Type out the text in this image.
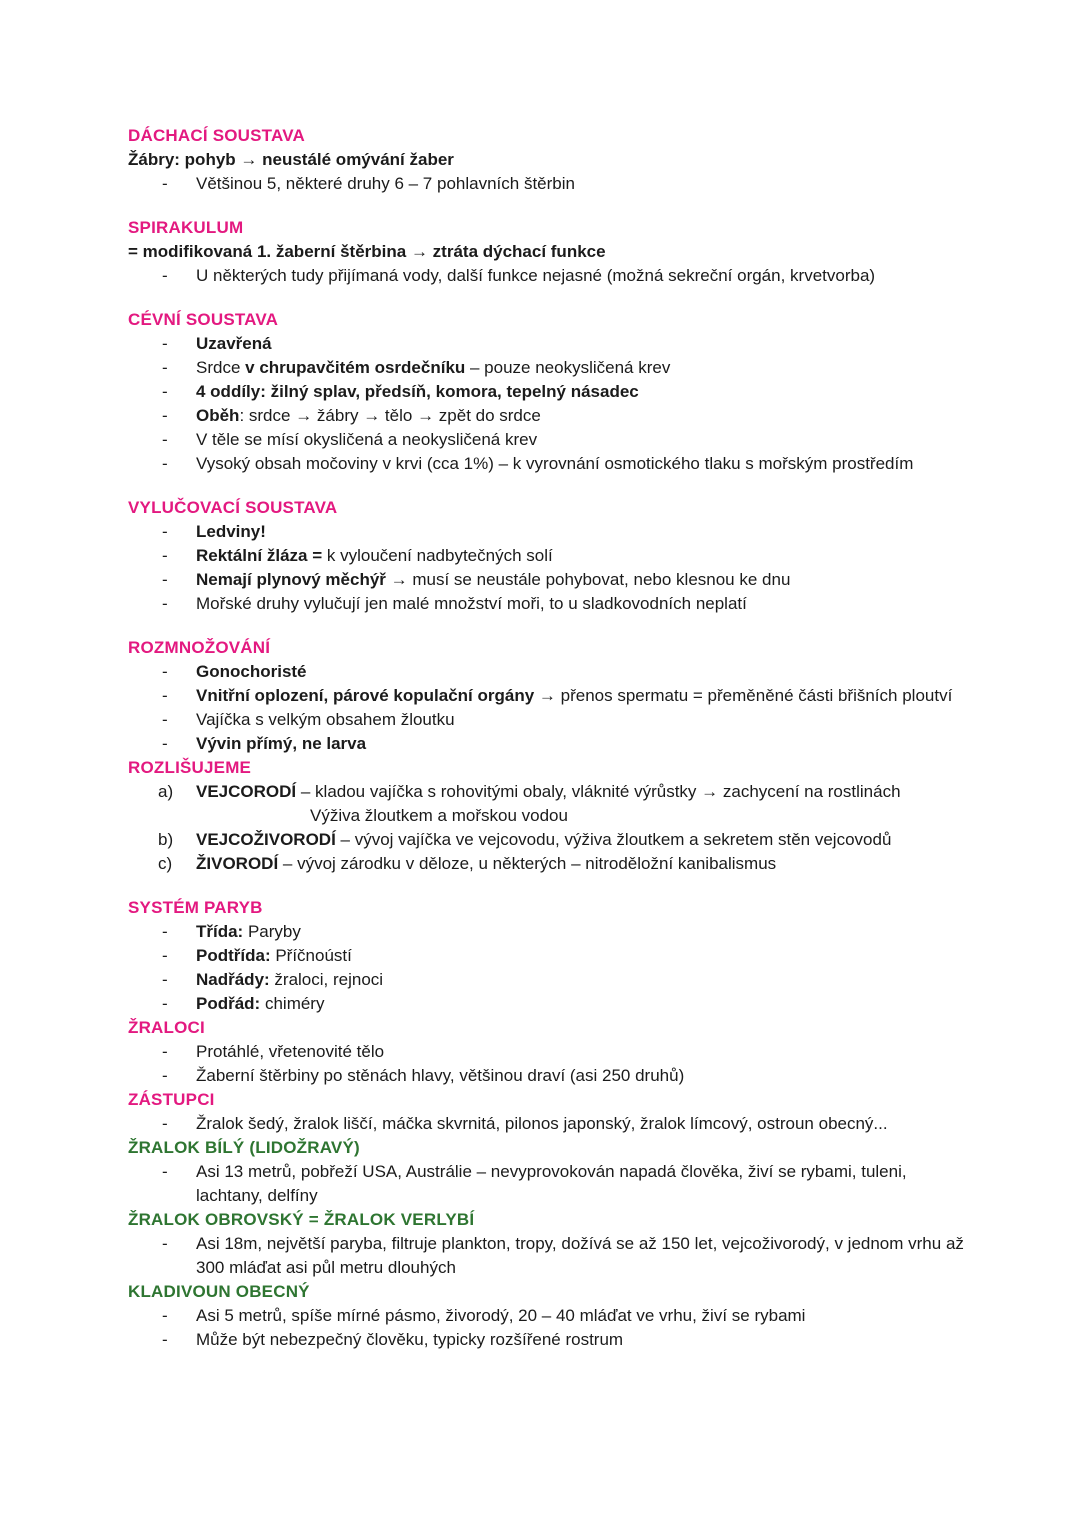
DÁCHACÍ SOUSTAVA
Žábry: pohyb → neustálé omývání žaber
-	Většinou 5, některé druhy 6 – 7 pohlavních štěrbin
SPIRAKULUM
= modifikovaná 1. žaberní štěrbina → ztráta dýchací funkce
-	U některých tudy přijímaná vody, další funkce nejasné (možná sekreční orgán, krvetvorba)
CÉVNÍ SOUSTAVA
-	Uzavřená
-	Srdce v chrupavčitém osrdečníku – pouze neokysličená krev
-	4 oddíly: žilný splav, předsíň, komora, tepelný násadec
-	Oběh: srdce → žábry → tělo → zpět do srdce
-	V těle se mísí okysličená a neokysličená krev
-	Vysoký obsah močoviny v krvi (cca 1%) – k vyrovnání osmotického tlaku s mořským prostředím
VYLUČOVACÍ SOUSTAVA
-	Ledviny!
-	Rektální žláza = k vyloučení nadbytečných solí
-	Nemají plynový měchýř → musí se neustále pohybovat, nebo klesnou ke dnu
-	Mořské druhy vylučují jen malé množství moři, to u sladkovodních neplatí
ROZMNOŽOVÁNÍ
-	Gonochoristé
-	Vnitřní oplození, párové kopulační orgány → přenos spermatu = přeměněné části břišních ploutví
-	Vajíčka s velkým obsahem žloutku
-	Vývin přímý, ne larva
ROZLIŠUJEME
a)	VEJCORODÍ – kladou vajíčka s rohovitými obaly, vláknité výrůstky → zachycení na rostlinách
Výživa žloutkem a mořskou vodou
b)	VEJCOŽIVORODÍ – vývoj vajíčka ve vejcovodu, výživa žloutkem a sekretem stěn vejcovodů
c)	ŽIVORODÍ – vývoj zárodku v děloze, u některých – nitroděložní kanibalismus
SYSTÉM PARYB
-	Třída: Paryby
-	Podtřída: Příčnoústí
-	Nadřády: žraloci, rejnoci
-	Podřád: chiméry
ŽRALOCI
-	Protáhlé, vřetenovité tělo
-	Žaberní štěrbiny po stěnách hlavy, většinou draví (asi 250 druhů)
ZÁSTUPCI
-	Žralok šedý, žralok liščí, máčka skvrnitá, pilonos japonský, žralok límcový, ostroun obecný...
ŽRALOK BÍLÝ (LIDOŽRAVÝ)
-	Asi 13 metrů, pobřeží USA, Austrálie – nevyprovokován napadá člověka, živí se rybami, tuleni, lachtany, delfíny
ŽRALOK OBROVSKÝ = ŽRALOK VERLYBÍ
-	Asi 18m, největší paryba, filtruje plankton, tropy, dožívá se až 150 let, vejcoživorodý, v jednom vrhu až 300 mláďat asi půl metru dlouhých
KLADIVOUN OBECNÝ
-	Asi 5 metrů, spíše mírné pásmo, živorodý, 20 – 40 mláďat ve vrhu, živí se rybami
-	Může být nebezpečný člověku, typicky rozšířené rostrum
